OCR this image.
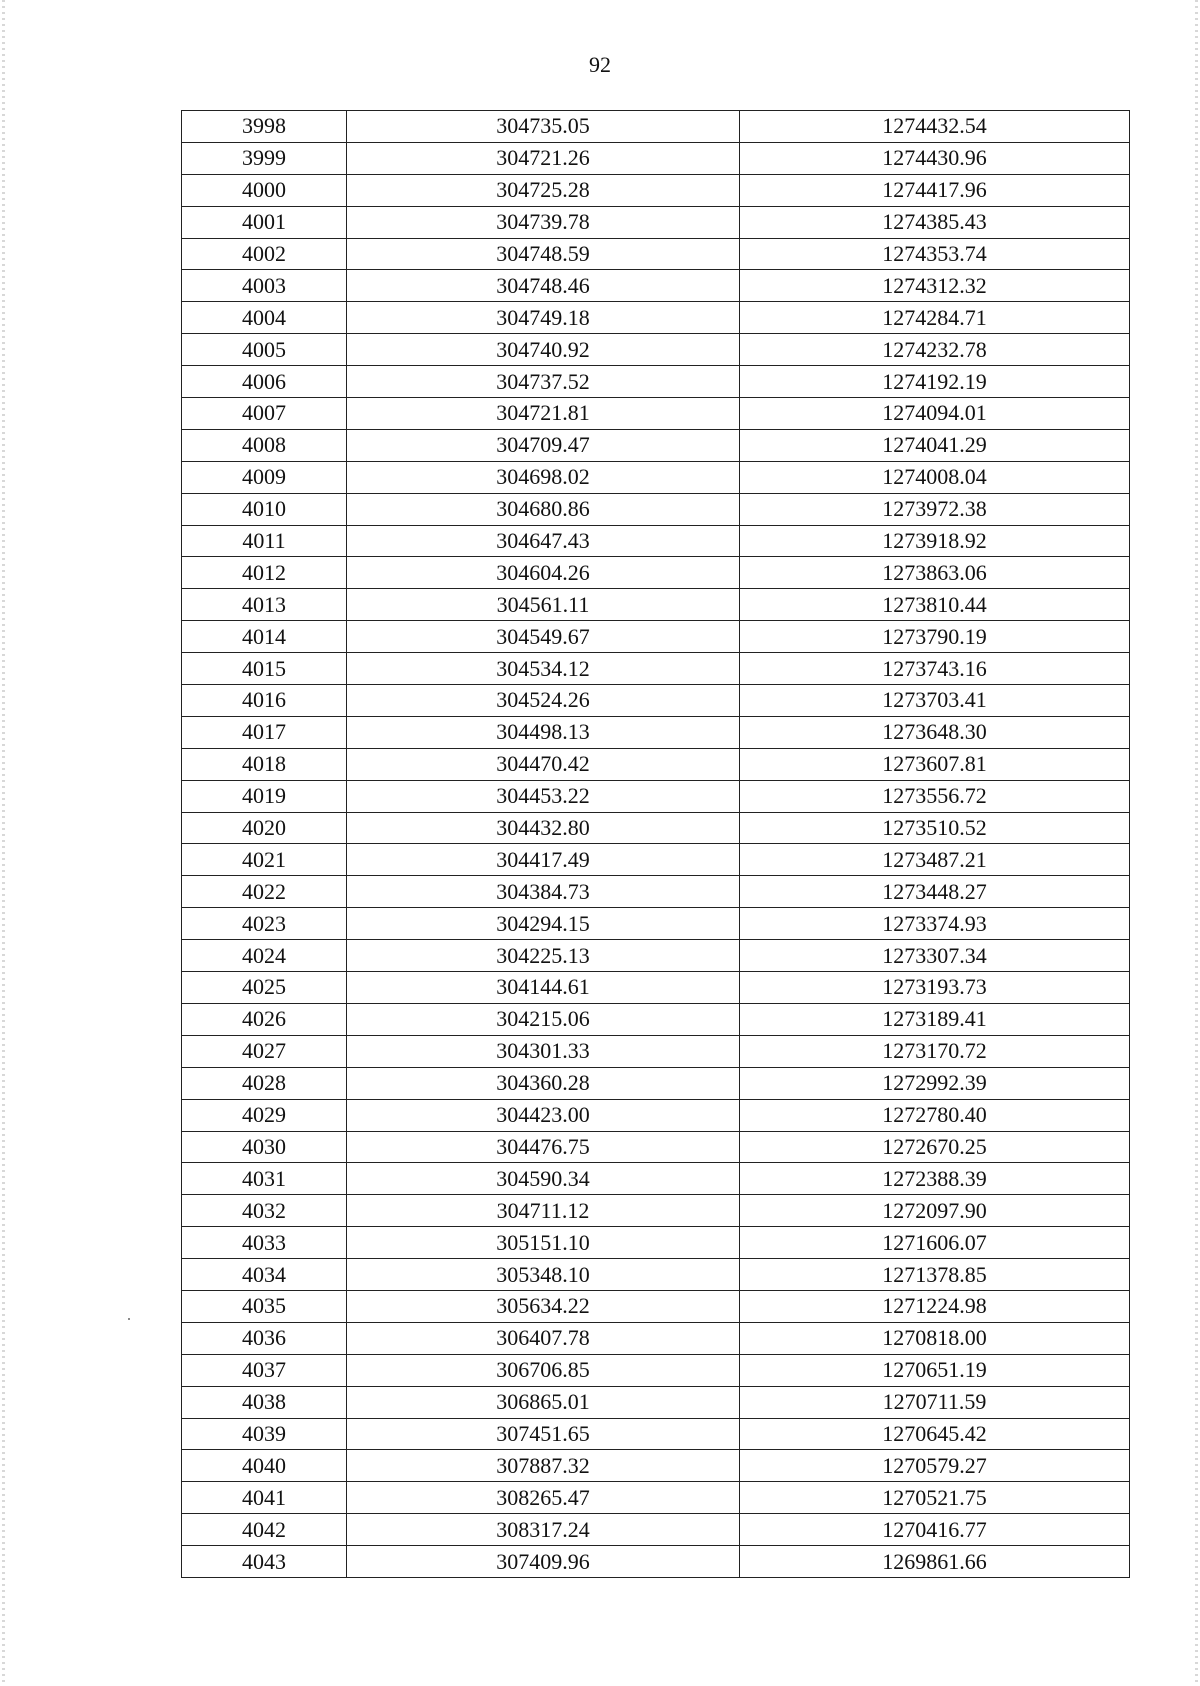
92
3998	304735.05	1274432.54
3999	304721.26	1274430.96
4000	304725.28	1274417.96
4001	304739.78	1274385.43
4002	304748.59	1274353.74
4003	304748.46	1274312.32
4004	304749.18	1274284.71
4005	304740.92	1274232.78
4006	304737.52	1274192.19
4007	304721.81	1274094.01
4008	304709.47	1274041.29
4009	304698.02	1274008.04
4010	304680.86	1273972.38
4011	304647.43	1273918.92
4012	304604.26	1273863.06
4013	304561.11	1273810.44
4014	304549.67	1273790.19
4015	304534.12	1273743.16
4016	304524.26	1273703.41
4017	304498.13	1273648.30
4018	304470.42	1273607.81
4019	304453.22	1273556.72
4020	304432.80	1273510.52
4021	304417.49	1273487.21
4022	304384.73	1273448.27
4023	304294.15	1273374.93
4024	304225.13	1273307.34
4025	304144.61	1273193.73
4026	304215.06	1273189.41
4027	304301.33	1273170.72
4028	304360.28	1272992.39
4029	304423.00	1272780.40
4030	304476.75	1272670.25
4031	304590.34	1272388.39
4032	304711.12	1272097.90
4033	305151.10	1271606.07
4034	305348.10	1271378.85
4035	305634.22	1271224.98
4036	306407.78	1270818.00
4037	306706.85	1270651.19
4038	306865.01	1270711.59
4039	307451.65	1270645.42
4040	307887.32	1270579.27
4041	308265.47	1270521.75
4042	308317.24	1270416.77
4043	307409.96	1269861.66
